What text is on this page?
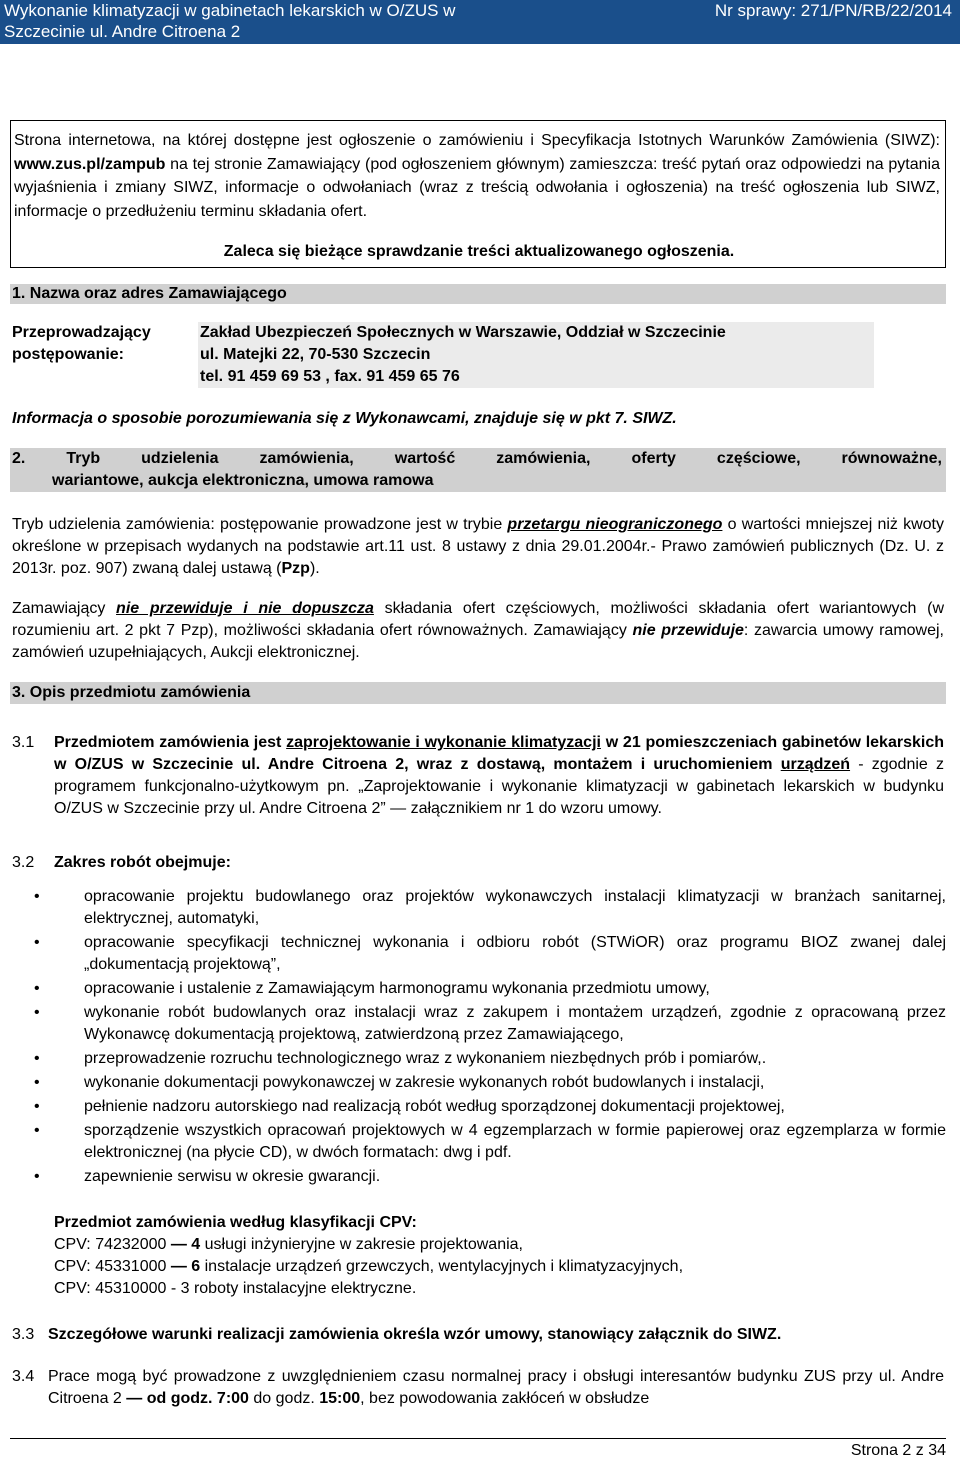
Wykonanie klimatyzacji w gabinetach lekarskich w O/ZUS w
Szczecinie ul. Andre Citroena 2
Nr sprawy: 271/PN/RB/22/2014
Strona internetowa, na której dostępne jest ogłoszenie o zamówieniu i Specyfikacja Istotnych Warunków Zamówienia (SIWZ): www.zus.pl/zampub na tej stronie Zamawiający (pod ogłoszeniem głównym) zamieszcza: treść pytań oraz odpowiedzi na pytania wyjaśnienia i zmiany SIWZ, informacje o odwołaniach (wraz z treścią odwołania i ogłoszenia) na treść ogłoszenia lub SIWZ, informacje o przedłużeniu terminu składania ofert.
Zaleca się bieżące sprawdzanie treści aktualizowanego ogłoszenia.
1. Nazwa oraz adres Zamawiającego
Przeprowadzający
postępowanie:
Zakład Ubezpieczeń Społecznych w Warszawie, Oddział w Szczecinie
ul. Matejki 22, 70-530 Szczecin
tel. 91 459 69 53 , fax. 91 459 65 76
Informacja o sposobie porozumiewania się z Wykonawcami, znajduje się w pkt 7. SIWZ.
2. Tryb udzielenia zamówienia, wartość zamówienia, oferty częściowe, równoważne,
wariantowe, aukcja elektroniczna, umowa ramowa
Tryb udzielenia zamówienia: postępowanie prowadzone jest w trybie przetargu nieograniczonego o wartości mniejszej niż kwoty określone w przepisach wydanych na podstawie art.11 ust. 8 ustawy z dnia 29.01.2004r.- Prawo zamówień publicznych (Dz. U. z 2013r. poz. 907) zwaną dalej ustawą (Pzp).
Zamawiający nie przewiduje i nie dopuszcza składania ofert częściowych, możliwości składania ofert wariantowych (w rozumieniu art. 2 pkt 7 Pzp), możliwości składania ofert równoważnych. Zamawiający nie przewiduje: zawarcia umowy ramowej, zamówień uzupełniających, Aukcji elektronicznej.
3. Opis przedmiotu zamówienia
3.1 Przedmiotem zamówienia jest zaprojektowanie i wykonanie klimatyzacji w 21 pomieszczeniach gabinetów lekarskich w O/ZUS w Szczecinie ul. Andre Citroena 2, wraz z dostawą, montażem i uruchomieniem urządzeń - zgodnie z programem funkcjonalno-użytkowym pn. „Zaprojektowanie i wykonanie klimatyzacji w gabinetach lekarskich w budynku O/ZUS w Szczecinie przy ul. Andre Citroena 2” — załącznikiem nr 1 do wzoru umowy.
3.2 Zakres robót obejmuje:
•	opracowanie projektu budowlanego oraz projektów wykonawczych instalacji klimatyzacji w branżach sanitarnej, elektrycznej, automatyki,
•	opracowanie specyfikacji technicznej wykonania i odbioru robót (STWiOR) oraz programu BIOZ zwanej dalej „dokumentacją projektową”,
•	opracowanie i ustalenie z Zamawiającym harmonogramu wykonania przedmiotu umowy,
•	wykonanie robót budowlanych oraz instalacji wraz z zakupem i montażem urządzeń, zgodnie z opracowaną przez Wykonawcę dokumentacją projektową, zatwierdzoną przez Zamawiającego,
•	przeprowadzenie rozruchu technologicznego wraz z wykonaniem niezbędnych prób i pomiarów,.
•	wykonanie dokumentacji powykonawczej w zakresie wykonanych robót budowlanych i instalacji,
•	pełnienie nadzoru autorskiego nad realizacją robót według sporządzonej dokumentacji projektowej,
•	sporządzenie wszystkich opracowań projektowych w 4 egzemplarzach w formie papierowej oraz egzemplarza w formie elektronicznej (na płycie CD), w dwóch formatach: dwg i pdf.
•	zapewnienie serwisu w okresie gwarancji.
Przedmiot zamówienia według klasyfikacji CPV:
CPV: 74232000 — 4 usługi inżynieryjne w zakresie projektowania,
CPV: 45331000 — 6 instalacje urządzeń grzewczych, wentylacyjnych i klimatyzacyjnych,
CPV: 45310000 - 3 roboty instalacyjne elektryczne.
3.3 Szczegółowe warunki realizacji zamówienia określa wzór umowy, stanowiący załącznik do SIWZ.
3.4 Prace mogą być prowadzone z uwzględnieniem czasu normalnej pracy i obsługi interesantów budynku ZUS przy ul. Andre Citroena 2 — od godz. 7:00 do godz. 15:00, bez powodowania zakłóceń w obsłudze
Strona 2 z 34
